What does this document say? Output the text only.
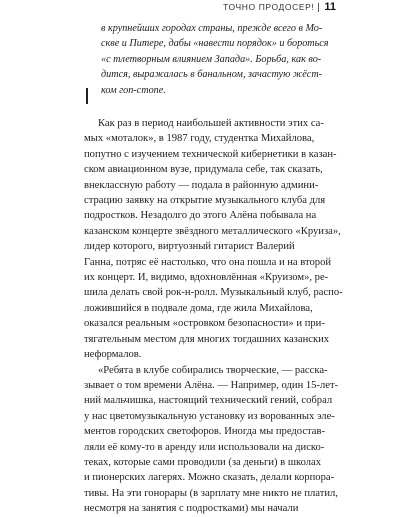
ТОЧНО ПРОДОСЕР! 11
в крупнейших городах страны, прежде всего в Мо-
скве и Питере, дабы «навести порядок» и бороться
«с тлетворным влиянием Запада». Борьба, как во-
дится, выражалась в банальном, зачастую жёст-
ком гоп-стопе.
Как раз в период наибольшей активности этих са-
мых «моталок», в 1987 году, студентка Михайлова,
попутно с изучением технической кибернетики в казан-
ском авиационном вузе, придумала себе, так сказать,
внеклассную работу — подала в районную админи-
страцию заявку на открытие музыкального клуба для
подростков. Незадолго до этого Алёна побывала на
казанском концерте звёздного металлического «Круиза»,
лидер которого, виртуозный гитарист Валерий
Ганна, потряс её настолько, что она пошла и на второй
их концерт. И, видимо, вдохновлённая «Круизом», ре-
шила делать свой рок-н-ролл. Музыкальный клуб, распо-
ложившийся в подвале дома, где жила Михайлова,
оказался реальным «островком безопасности» и при-
тягательным местом для многих тогдашних казанских
неформалов.
«Ребята в клубе собирались творческие, — расска-
зывает о том времени Алёна. — Например, один 15-лет-
ний мальчишка, настоящий технический гений, собрал
у нас цветомузыкальную установку из ворованных эле-
ментов городских светофоров. Иногда мы предостав-
ляли её кому-то в аренду или использовали на диско-
теках, которые сами проводили (за деньги) в школах
и пионерских лагерях. Можно сказать, делали корпора-
тивы. На эти гонорары (в зарплату мне никто не платил,
несмотря на занятия с подростками) мы начали
